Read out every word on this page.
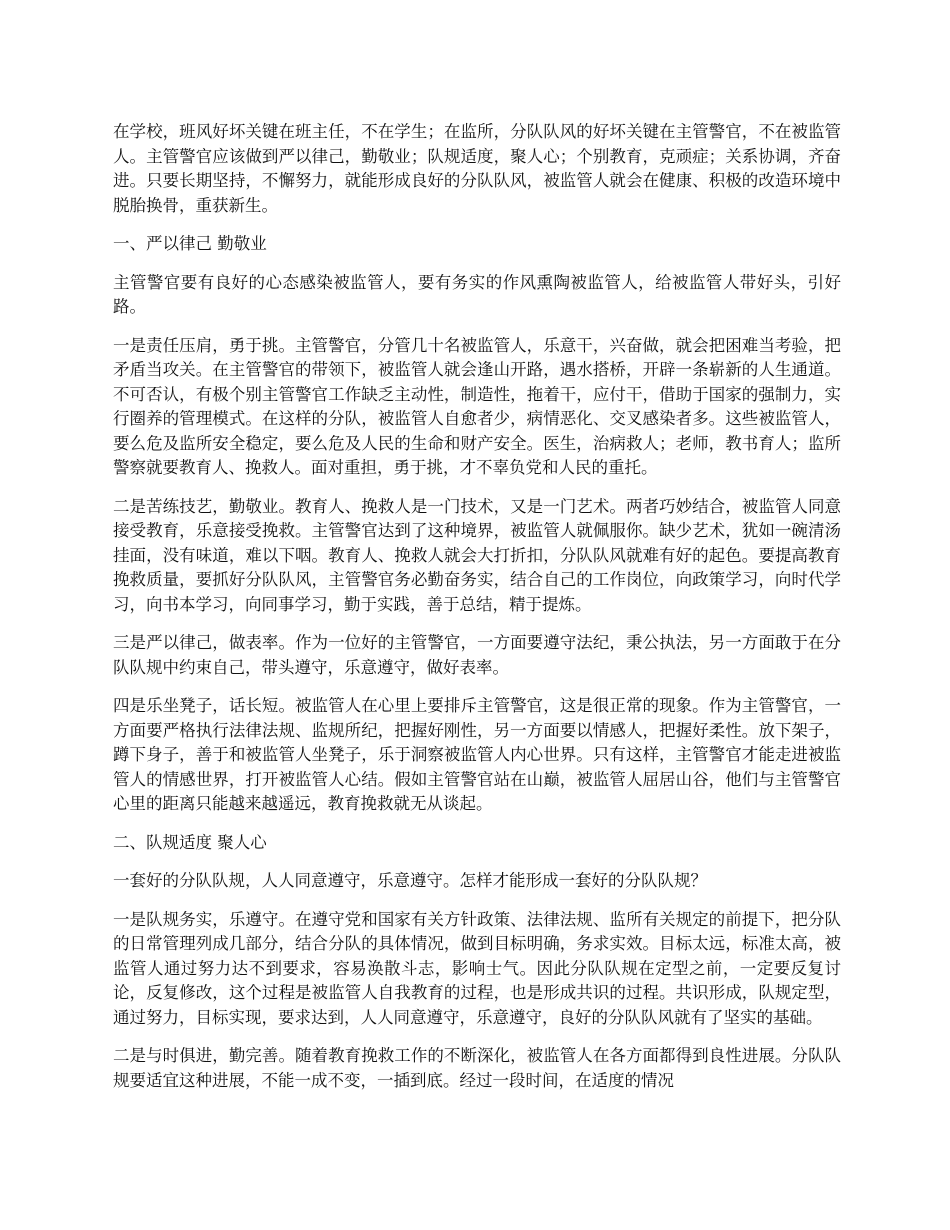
在学校，班风好坏关键在班主任，不在学生；在监所，分队队风的好坏关键在主管警官，不在被监管人。主管警官应该做到严以律己，勤敬业；队规适度，聚人心；个别教育，克顽症；关系协调，齐奋进。只要长期坚持，不懈努力，就能形成良好的分队队风，被监管人就会在健康、积极的改造环境中脱胎换骨，重获新生。

一、严以律己 勤敬业

主管警官要有良好的心态感染被监管人，要有务实的作风熏陶被监管人，给被监管人带好头，引好路。

一是责任压肩，勇于挑。主管警官，分管几十名被监管人，乐意干，兴奋做，就会把困难当考验，把矛盾当攻关。在主管警官的带领下，被监管人就会逢山开路，遇水搭桥，开辟一条崭新的人生通道。不可否认，有极个别主管警官工作缺乏主动性，制造性，拖着干，应付干，借助于国家的强制力，实行圈养的管理模式。在这样的分队，被监管人自愈者少，病情恶化、交叉感染者多。这些被监管人，要么危及监所安全稳定，要么危及人民的生命和财产安全。医生，治病救人；老师，教书育人；监所警察就要教育人、挽救人。面对重担，勇于挑，才不辜负党和人民的重托。

二是苦练技艺，勤敬业。教育人、挽救人是一门技术，又是一门艺术。两者巧妙结合，被监管人同意接受教育，乐意接受挽救。主管警官达到了这种境界，被监管人就佩服你。缺少艺术，犹如一碗清汤挂面，没有味道，难以下咽。教育人、挽救人就会大打折扣，分队队风就难有好的起色。要提高教育挽救质量，要抓好分队队风，主管警官务必勤奋务实，结合自己的工作岗位，向政策学习，向时代学习，向书本学习，向同事学习，勤于实践，善于总结，精于提炼。

三是严以律己，做表率。作为一位好的主管警官，一方面要遵守法纪，秉公执法，另一方面敢于在分队队规中约束自己，带头遵守，乐意遵守，做好表率。

四是乐坐凳子，话长短。被监管人在心里上要排斥主管警官，这是很正常的现象。作为主管警官，一方面要严格执行法律法规、监规所纪，把握好刚性，另一方面要以情感人，把握好柔性。放下架子，蹲下身子，善于和被监管人坐凳子，乐于洞察被监管人内心世界。只有这样，主管警官才能走进被监管人的情感世界，打开被监管人心结。假如主管警官站在山巅，被监管人屈居山谷，他们与主管警官心里的距离只能越来越遥远，教育挽救就无从谈起。

二、队规适度 聚人心

一套好的分队队规，人人同意遵守，乐意遵守。怎样才能形成一套好的分队队规？

一是队规务实，乐遵守。在遵守党和国家有关方针政策、法律法规、监所有关规定的前提下，把分队的日常管理列成几部分，结合分队的具体情况，做到目标明确，务求实效。目标太远，标准太高，被监管人通过努力达不到要求，容易涣散斗志，影响士气。因此分队队规在定型之前，一定要反复讨论，反复修改，这个过程是被监管人自我教育的过程，也是形成共识的过程。共识形成，队规定型，通过努力，目标实现，要求达到，人人同意遵守，乐意遵守，良好的分队队风就有了坚实的基础。

二是与时俱进，勤完善。随着教育挽救工作的不断深化，被监管人在各方面都得到良性进展。分队队规要适宜这种进展，不能一成不变，一插到底。经过一段时间，在适度的情况
